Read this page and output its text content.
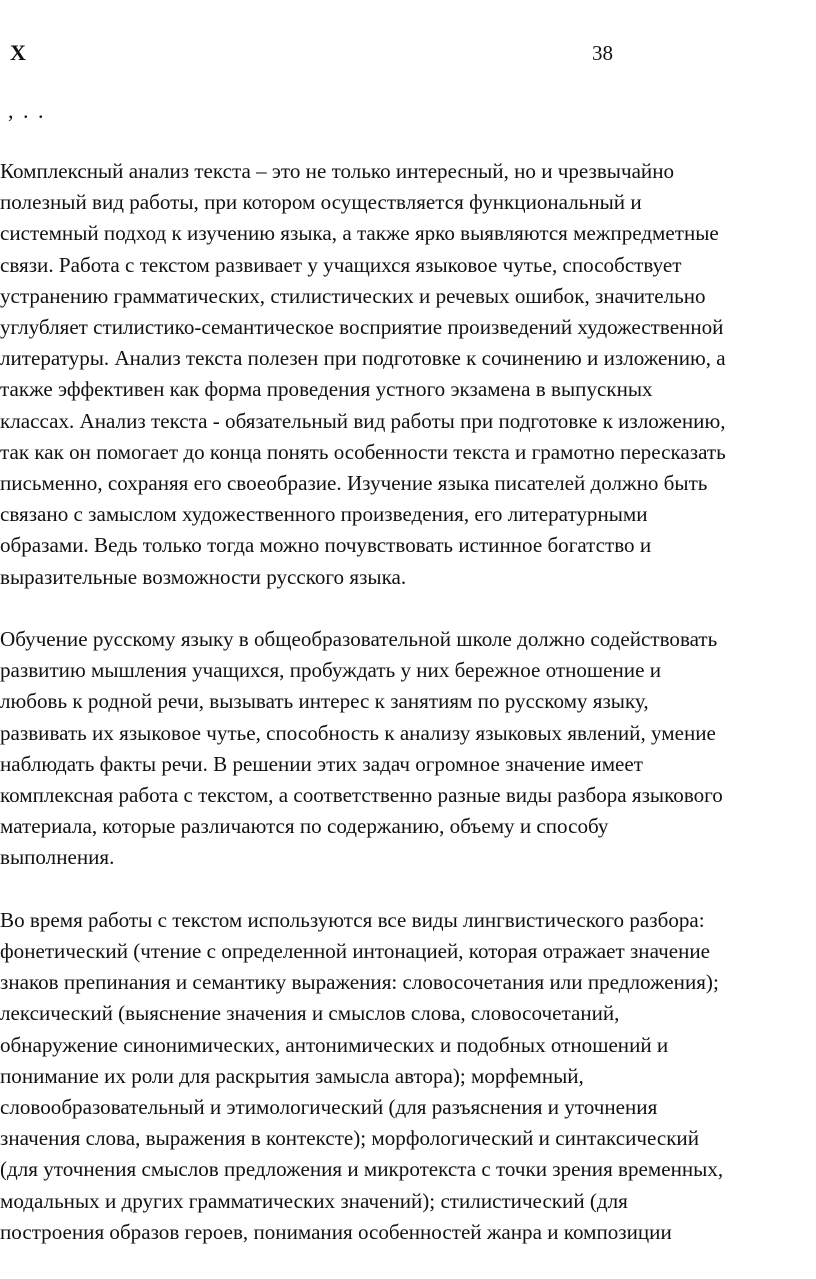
Х	38
, . .

Комплексный анализ текста – это не только интересный, но и чрезвычайно
полезный вид работы, при котором осуществляется функциональный и
системный подход к изучению языка, а также ярко выявляются межпредметные
связи. Работа с текстом развивает у учащихся языковое чутье, способствует
устранению грамматических, стилистических и речевых ошибок, значительно
углубляет стилистико-семантическое восприятие произведений художественной
литературы. Анализ текста полезен при подготовке к сочинению и изложению, а
также эффективен как форма проведения устного экзамена в выпускных
классах. Анализ текста - обязательный вид работы при подготовке к изложению,
так как он помогает до конца понять особенности текста и грамотно пересказать
письменно, сохраняя его своеобразие. Изучение языка писателей должно быть
связано с замыслом художественного произведения, его литературными
образами. Ведь только тогда можно почувствовать истинное богатство и
выразительные возможности русского языка.

Обучение русскому языку в общеобразовательной школе должно содействовать
развитию мышления учащихся, пробуждать у них бережное отношение и
любовь к родной речи, вызывать интерес к занятиям по русскому языку,
развивать их языковое чутье, способность к анализу языковых явлений, умение
наблюдать факты речи. В решении этих задач огромное значение имеет
комплексная работа с текстом, а соответственно разные виды разбора языкового
материала, которые различаются по содержанию, объему и способу
выполнения.

Во время работы с текстом используются все виды лингвистического разбора:
фонетический (чтение с определенной интонацией, которая отражает значение
знаков препинания и семантику выражения: словосочетания или предложения);
лексический (выяснение значения и смыслов слова, словосочетаний,
обнаружение синонимических, антонимических и подобных отношений и
понимание их роли для раскрытия замысла автора); морфемный,
словообразовательный и этимологический (для разъяснения и уточнения
значения слова, выражения в контексте); морфологический и синтаксический
(для уточнения смыслов предложения и микротекста с точки зрения временных,
модальных и других грамматических значений); стилистический (для
построения образов героев, понимания особенностей жанра и композиции
